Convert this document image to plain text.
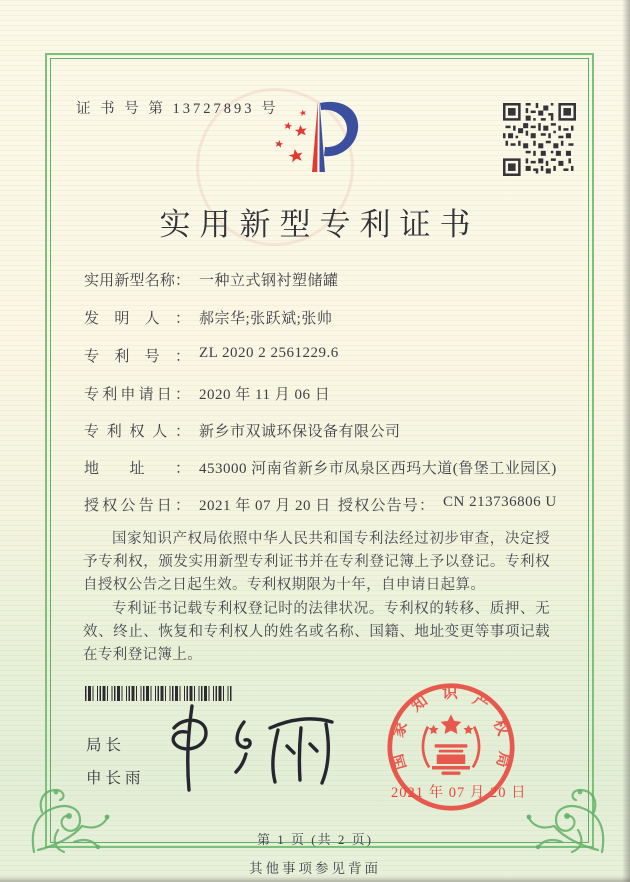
证 书 号 第 13727893 号
实用新型专利证书
实用新型名称： 一种立式钢衬塑储罐
发明人： 郝宗华;张跃斌;张帅
专利号： ZL 2020 2 2561229.6
专利申请日： 2020 年 11 月 06 日
专利权人： 新乡市双诚环保设备有限公司
地址： 453000 河南省新乡市凤泉区西玛大道(鲁堡工业园区)
授权公告日： 2021 年 07 月 20 日 授权公告号： CN 213736806 U

国家知识产权局依照中华人民共和国专利法经过初步审查，决定授予专利权，颁发实用新型专利证书并在专利登记簿上予以登记。专利权自授权公告之日起生效。专利权期限为十年，自申请日起算。

专利证书记载专利权登记时的法律状况。专利权的转移、质押、无效、终止、恢复和专利权人的姓名或名称、国籍、地址变更等事项记载在专利登记簿上。

局长
申长雨
国家知识产权局
2021 年 07 月 20 日
第 1 页 (共 2 页)
其他事项参见背面
